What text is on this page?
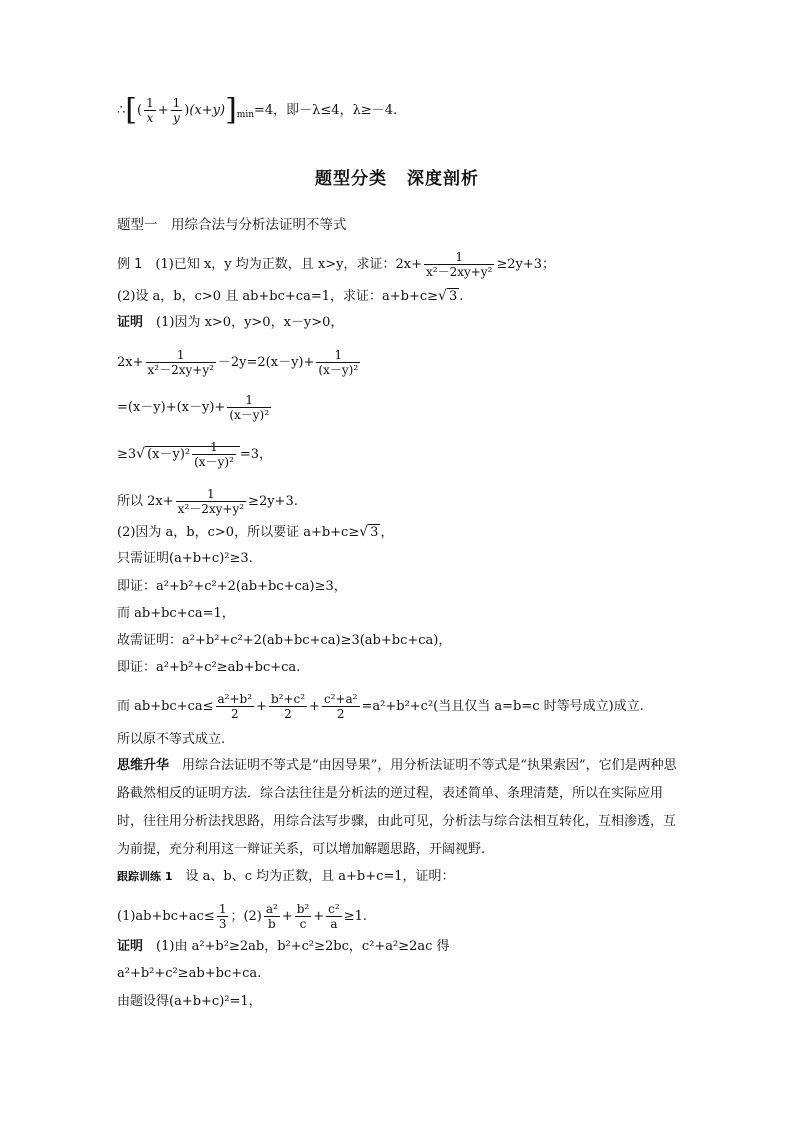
∴[( $\frac{1}{x} + \frac{1}{y} )(x+y)]_{min}=4$，即－λ≤4，λ≥－4.
题型分类 深度剖析
题型一　用综合法与分析法证明不等式
例 1　 (1)已知 x，y 均为正数，且 x>y，求证：$2x+ \frac{1}{\text{x²－2xy+y²}} \ge 2y+3$；
(2)设 a，b，c>0 且 ab+bc+ca=1，求证：a+b+c≥√ 3 .
证明　 (1)因为 x>0，y>0，x－y>0，
$2x+ \frac{1}{\text{x²－2xy+y²}} -2y=2(x-y)+ \frac{1}{\text{(x－y)²}}$
$=(x-y)+(x-y)+ \frac{1}{\text{(x－y)²}}$
≥3√ $(x-y)^2 \frac{1}{\text{(x－y)²}} =3$，
所以 $2x+ \frac{1}{\text{x²－2xy+y²}} \ge 2y+3$.
(2)因为 a，b，c>0，所以要证 a+b+c≥√ 3 ，
只需证明(a+b+c)²≥3.
即证：a²+b²+c²+2(ab+bc+ca)≥3，
而 ab+bc+ca=1，
故需证明：a²+b²+c²+2(ab+bc+ca)≥3(ab+bc+ca)，
即证：a²+b²+c²≥ab+bc+ca.
而 $ab+bc+ca\le \frac{\text{a²+b²}}{2} + \frac{\text{b²+c²}}{2} + \frac{\text{c²+a²}}{2} =a^2+b^2+c^2$(当且仅当 a=b=c 时等号成立)成立.
所以原不等式成立.
思维升华　 用综合法证明不等式是“由因导果”，用分析法证明不等式是“执果索因”，它们是两种思路截然相反的证明方法．综合法往往是分析法的逆过程，表述简单、条理清楚，所以在实际应用时，往往用分析法找思路，用综合法写步骤，由此可见，分析法与综合法相互转化，互相渗透，互为前提，充分利用这一辩证关系，可以增加解题思路，开阔视野.
跟踪训练 1　 设 a、b、c 均为正数，且 a+b+c=1，证明：
$(1)ab+bc+ac\le \frac{1}{3}$ ；$(2) \frac{\text{a²}}{b} + \frac{\text{b²}}{c} + \frac{\text{c²}}{a} \ge 1$.
证明　 (1)由 a²+b²≥2ab，b²+c²≥2bc，c²+a²≥2ac 得
a²+b²+c²≥ab+bc+ca.
由题设得(a+b+c)²=1，
